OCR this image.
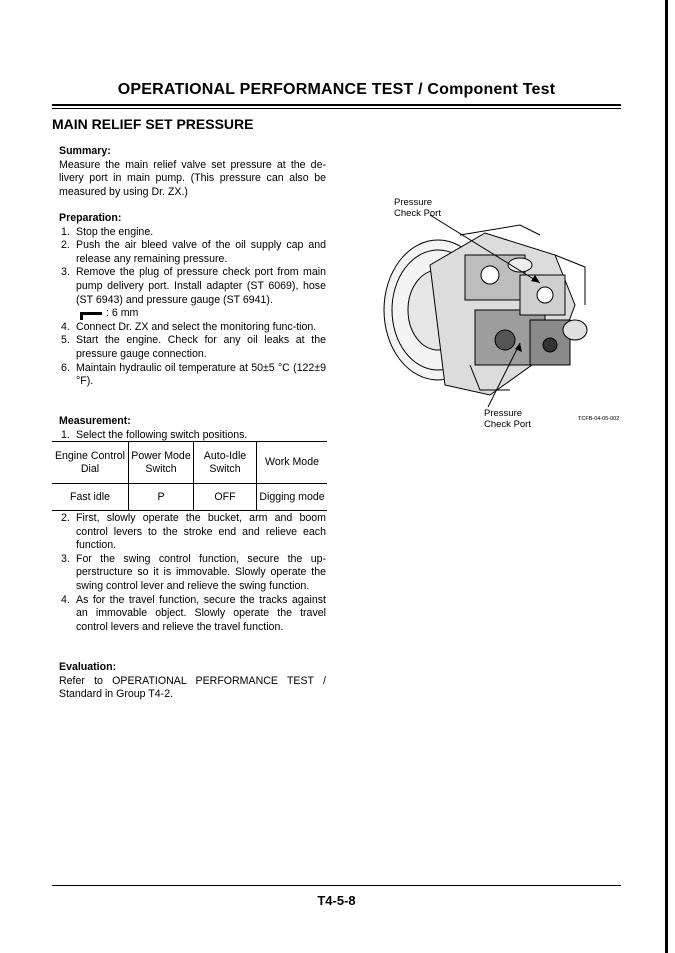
OPERATIONAL PERFORMANCE TEST / Component Test
MAIN RELIEF SET PRESSURE

Summary:

Measure the main relief valve set pressure at the de-livery port in main pump. (This pressure can also be measured by using Dr. ZX.)

Preparation:

1. Stop the engine.
2. Push the air bleed valve of the oil supply cap and release any remaining pressure.
3. Remove the plug of pressure check port from main pump delivery port. Install adapter (ST 6069), hose (ST 6943) and pressure gauge (ST 6941).
: 6 mm
4. Connect Dr. ZX and select the monitoring func-tion.
5. Start the engine. Check for any oil leaks at the pressure gauge connection.
6. Maintain hydraulic oil temperature at 50±5 °C (122±9 °F).

Measurement:

1. Select the following switch positions.
Engine Control Dial	Power Mode Switch	Auto-Idle Switch	Work Mode
Fast idle	P	OFF	Digging mode
2. First, slowly operate the bucket, arm and boom control levers to the stroke end and relieve each function.
3. For the swing control function, secure the up-perstructure so it is immovable. Slowly operate the swing control lever and relieve the swing function.
4. As for the travel function, secure the tracks against an immovable object. Slowly operate the travel control levers and relieve the travel function.

Evaluation:

Refer to OPERATIONAL PERFORMANCE TEST / Standard in Group T4-2.

Pressure
Check Port
Pressure
Check Port	TCFB-04-05-002
T4-5-8
